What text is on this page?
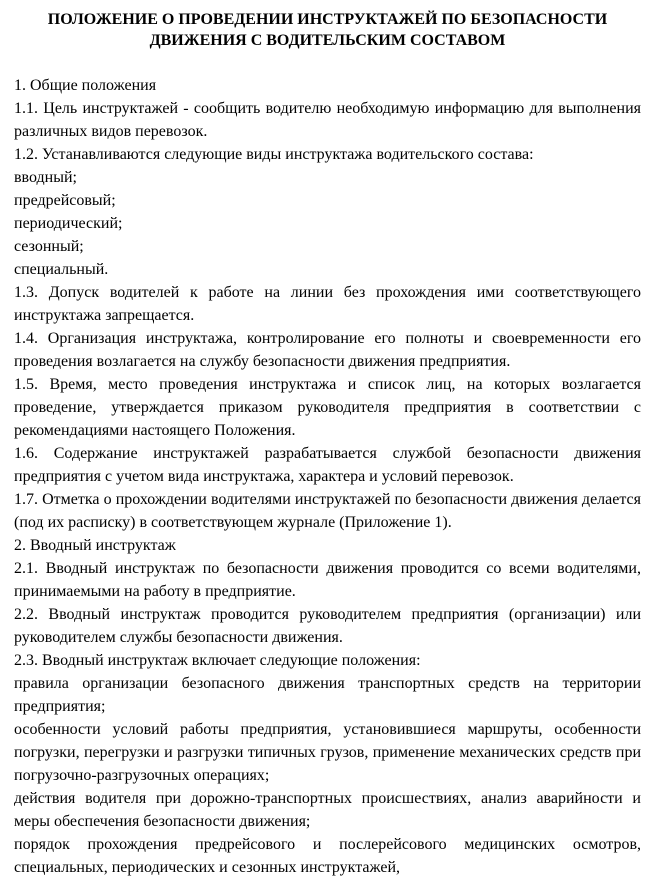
ПОЛОЖЕНИЕ О ПРОВЕДЕНИИ ИНСТРУКТАЖЕЙ ПО БЕЗОПАСНОСТИ ДВИЖЕНИЯ С ВОДИТЕЛЬСКИМ СОСТАВОМ

1. Общие положения

1.1. Цель инструктажей - сообщить водителю необходимую информацию для выполнения различных видов перевозок.

1.2. Устанавливаются следующие виды инструктажа водительского состава:

вводный;

предрейсовый;

периодический;

сезонный;

специальный.

1.3. Допуск водителей к работе на линии без прохождения ими соответствующего инструктажа запрещается.

1.4. Организация инструктажа, контролирование его полноты и своевременности его проведения возлагается на службу безопасности движения предприятия.

1.5. Время, место проведения инструктажа и список лиц, на которых возлагается проведение, утверждается приказом руководителя предприятия в соответствии с рекомендациями настоящего Положения.

1.6. Содержание инструктажей разрабатывается службой безопасности движения предприятия с учетом вида инструктажа, характера и условий перевозок.

1.7. Отметка о прохождении водителями инструктажей по безопасности движения делается (под их расписку) в соответствующем журнале (Приложение 1).

2. Вводный инструктаж

2.1. Вводный инструктаж по безопасности движения проводится со всеми водителями, принимаемыми на работу в предприятие.

2.2. Вводный инструктаж проводится руководителем предприятия (организации) или руководителем службы безопасности движения.

2.3. Вводный инструктаж включает следующие положения:

правила организации безопасного движения транспортных средств на территории предприятия;

особенности условий работы предприятия, установившиеся маршруты, особенности погрузки, перегрузки и разгрузки типичных грузов, применение механических средств при погрузочно-разгрузочных операциях;

действия водителя при дорожно-транспортных происшествиях, анализ аварийности и меры обеспечения безопасности движения;

порядок прохождения предрейсового и послерейсового медицинских осмотров, специальных, периодических и сезонных инструктажей,
